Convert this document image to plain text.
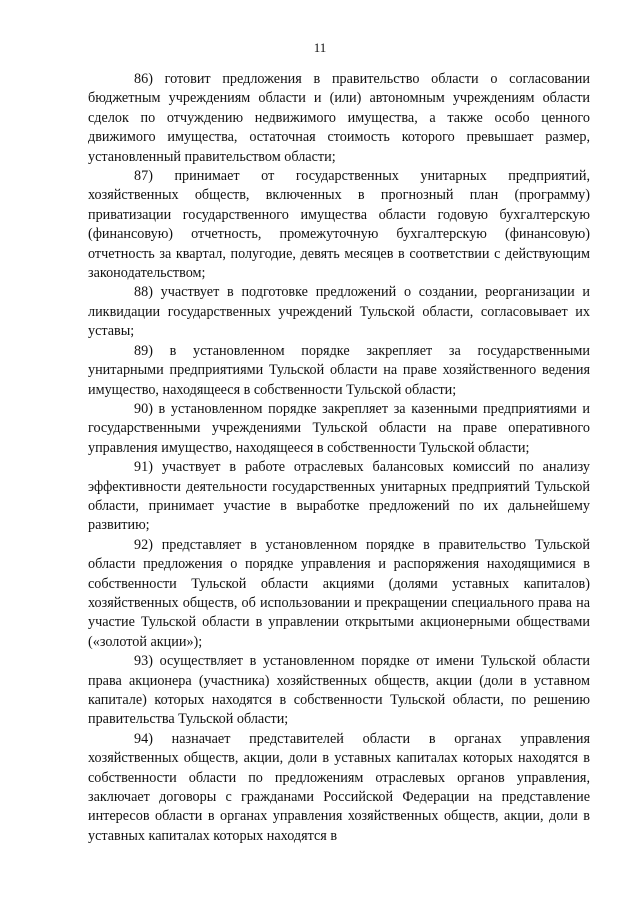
11

86) готовит предложения в правительство области о согласовании бюджетным учреждениям области и (или) автономным учреждениям области сделок по отчуждению недвижимого имущества, а также особо ценного движимого имущества, остаточная стоимость которого превышает размер, установленный правительством области;

87) принимает от государственных унитарных предприятий, хозяйственных обществ, включенных в прогнозный план (программу) приватизации государственного имущества области годовую бухгалтерскую (финансовую) отчетность, промежуточную бухгалтерскую (финансовую) отчетность за квартал, полугодие, девять месяцев в соответствии с действующим законодательством;

88) участвует в подготовке предложений о создании, реорганизации и ликвидации государственных учреждений Тульской области, согласовывает их уставы;

89) в установленном порядке закрепляет за государственными унитарными предприятиями Тульской области на праве хозяйственного ведения имущество, находящееся в собственности Тульской области;

90) в установленном порядке закрепляет за казенными предприятиями и государственными учреждениями Тульской области на праве оперативного управления имущество, находящееся в собственности Тульской области;

91) участвует в работе отраслевых балансовых комиссий по анализу эффективности деятельности государственных унитарных предприятий Тульской области, принимает участие в выработке предложений по их дальнейшему развитию;

92) представляет в установленном порядке в правительство Тульской области предложения о порядке управления и распоряжения находящимися в собственности Тульской области акциями (долями уставных капиталов) хозяйственных обществ, об использовании и прекращении специального права на участие Тульской области в управлении открытыми акционерными обществами («золотой акции»);

93) осуществляет в установленном порядке от имени Тульской области права акционера (участника) хозяйственных обществ, акции (доли в уставном капитале) которых находятся в собственности Тульской области, по решению правительства Тульской области;

94) назначает представителей области в органах управления хозяйственных обществ, акции, доли в уставных капиталах которых находятся в собственности области по предложениям отраслевых органов управления, заключает договоры с гражданами Российской Федерации на представление интересов области в органах управления хозяйственных обществ, акции, доли в уставных капиталах которых находятся в
